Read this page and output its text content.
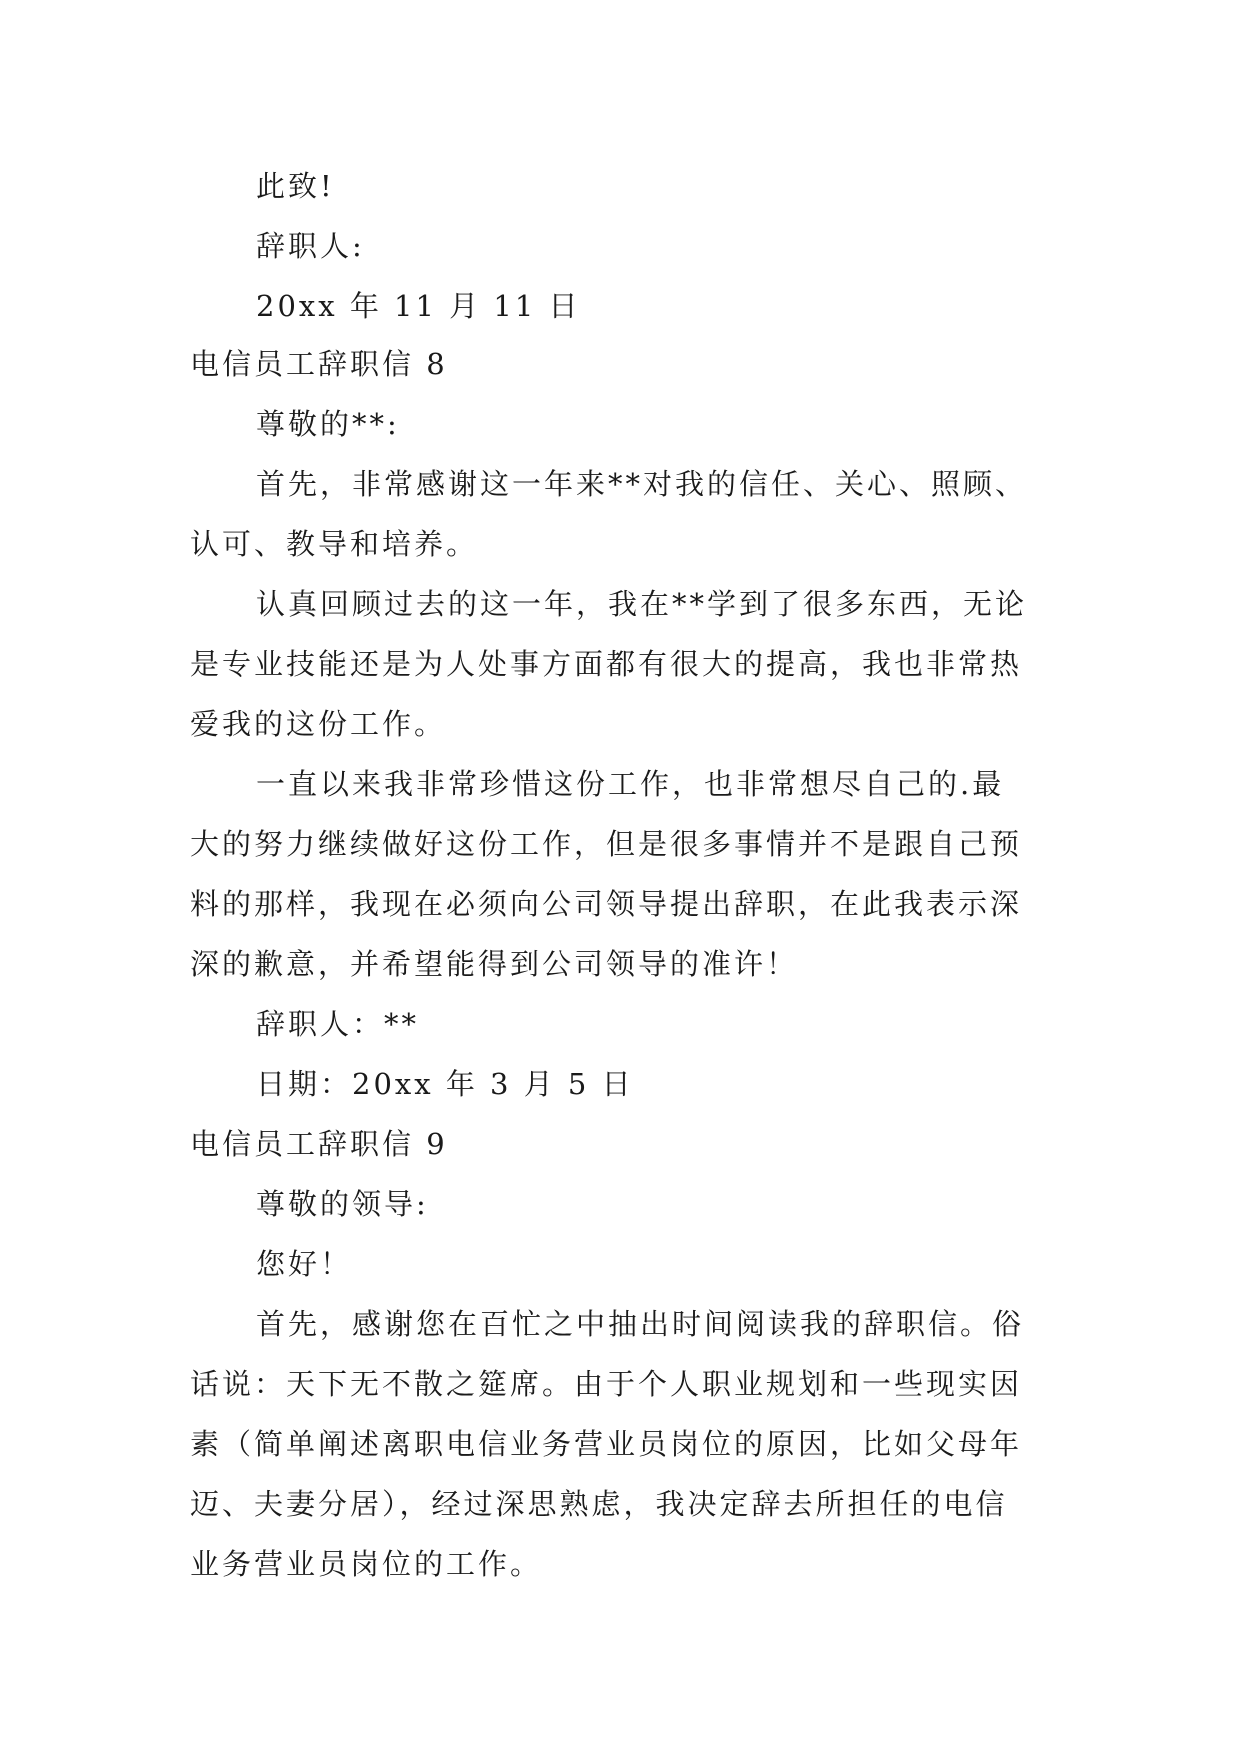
此致!
辞职人:
20xx 年 11 月 11 日
电信员工辞职信 8
尊敬的**:
首先，非常感谢这一年来**对我的信任、关心、照顾、
认可、教导和培养。
认真回顾过去的这一年，我在**学到了很多东西，无论
是专业技能还是为人处事方面都有很大的提高，我也非常热
爱我的这份工作。
一直以来我非常珍惜这份工作，也非常想尽自己的.最
大的努力继续做好这份工作，但是很多事情并不是跟自己预
料的那样，我现在必须向公司领导提出辞职，在此我表示深
深的歉意，并希望能得到公司领导的准许！
辞职人：**
日期：20xx 年 3 月 5 日
电信员工辞职信 9
尊敬的领导:
您好！
首先，感谢您在百忙之中抽出时间阅读我的辞职信。俗
话说：天下无不散之筵席。由于个人职业规划和一些现实因
素（简单阐述离职电信业务营业员岗位的原因，比如父母年
迈、夫妻分居），经过深思熟虑，我决定辞去所担任的电信
业务营业员岗位的工作。
